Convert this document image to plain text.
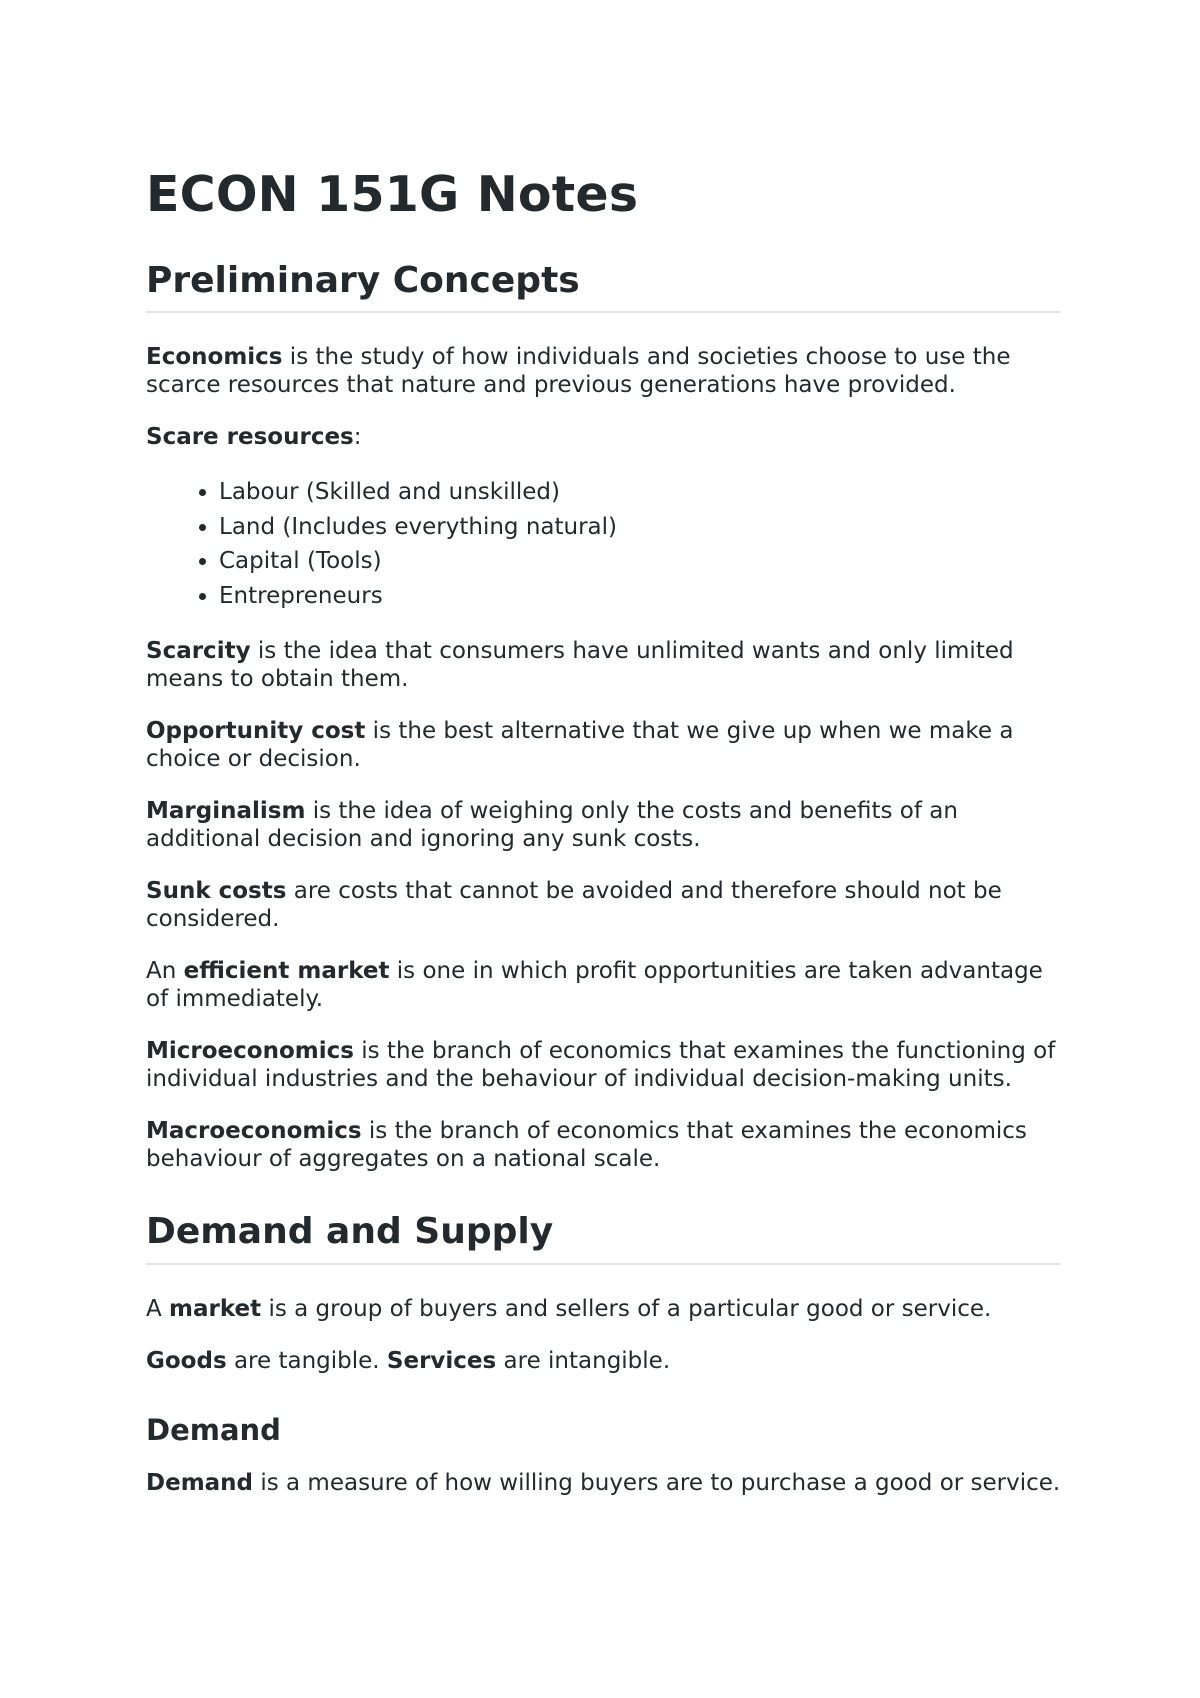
ECON 151G Notes
Preliminary Concepts

Economics is the study of how individuals and societies choose to use the scarce resources that nature and previous generations have provided.

Scare resources:

• Labour (Skilled and unskilled)
• Land (Includes everything natural)
• Capital (Tools)
• Entrepreneurs

Scarcity is the idea that consumers have unlimited wants and only limited means to obtain them.

Opportunity cost is the best alternative that we give up when we make a choice or decision.

Marginalism is the idea of weighing only the costs and benefits of an additional decision and ignoring any sunk costs.

Sunk costs are costs that cannot be avoided and therefore should not be considered.

An efficient market is one in which profit opportunities are taken advantage of immediately.

Microeconomics is the branch of economics that examines the functioning of individual industries and the behaviour of individual decision-making units.

Macroeconomics is the branch of economics that examines the economics behaviour of aggregates on a national scale.

Demand and Supply

A market is a group of buyers and sellers of a particular good or service.

Goods are tangible. Services are intangible.

Demand

Demand is a measure of how willing buyers are to purchase a good or service.
